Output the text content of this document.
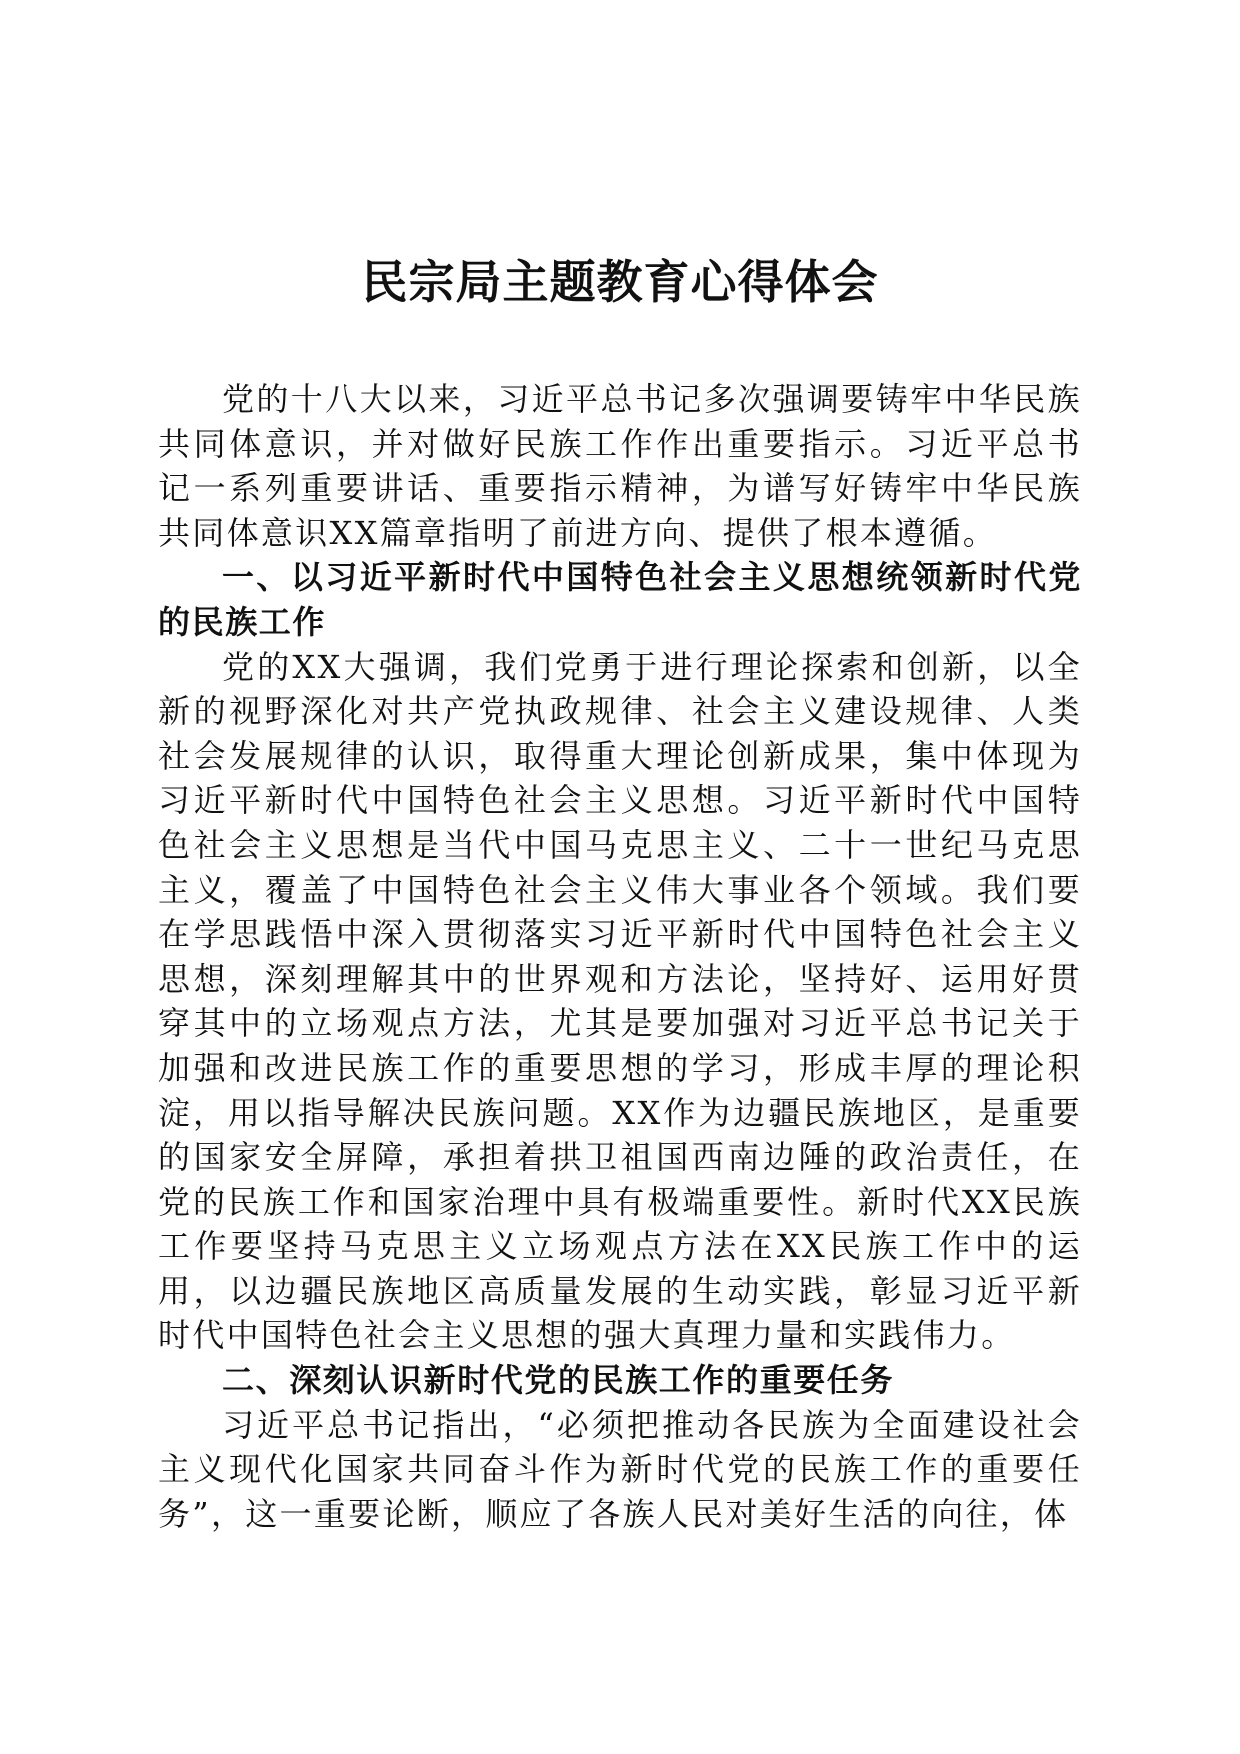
民宗局主题教育心得体会

党的十八大以来，习近平总书记多次强调要铸牢中华民族共同体意识，并对做好民族工作作出重要指示。习近平总书记一系列重要讲话、重要指示精神，为谱写好铸牢中华民族共同体意识XX篇章指明了前进方向、提供了根本遵循。

一、以习近平新时代中国特色社会主义思想统领新时代党的民族工作

党的XX大强调，我们党勇于进行理论探索和创新，以全新的视野深化对共产党执政规律、社会主义建设规律、人类社会发展规律的认识，取得重大理论创新成果，集中体现为习近平新时代中国特色社会主义思想。习近平新时代中国特色社会主义思想是当代中国马克思主义、二十一世纪马克思主义，覆盖了中国特色社会主义伟大事业各个领域。我们要在学思践悟中深入贯彻落实习近平新时代中国特色社会主义思想，深刻理解其中的世界观和方法论，坚持好、运用好贯穿其中的立场观点方法，尤其是要加强对习近平总书记关于加强和改进民族工作的重要思想的学习，形成丰厚的理论积淀，用以指导解决民族问题。XX作为边疆民族地区，是重要的国家安全屏障，承担着拱卫祖国西南边陲的政治责任，在党的民族工作和国家治理中具有极端重要性。新时代XX民族工作要坚持马克思主义立场观点方法在XX民族工作中的运用，以边疆民族地区高质量发展的生动实践，彰显习近平新时代中国特色社会主义思想的强大真理力量和实践伟力。

二、深刻认识新时代党的民族工作的重要任务

习近平总书记指出，“必须把推动各民族为全面建设社会主义现代化国家共同奋斗作为新时代党的民族工作的重要任务”，这一重要论断，顺应了各族人民对美好生活的向往，体
